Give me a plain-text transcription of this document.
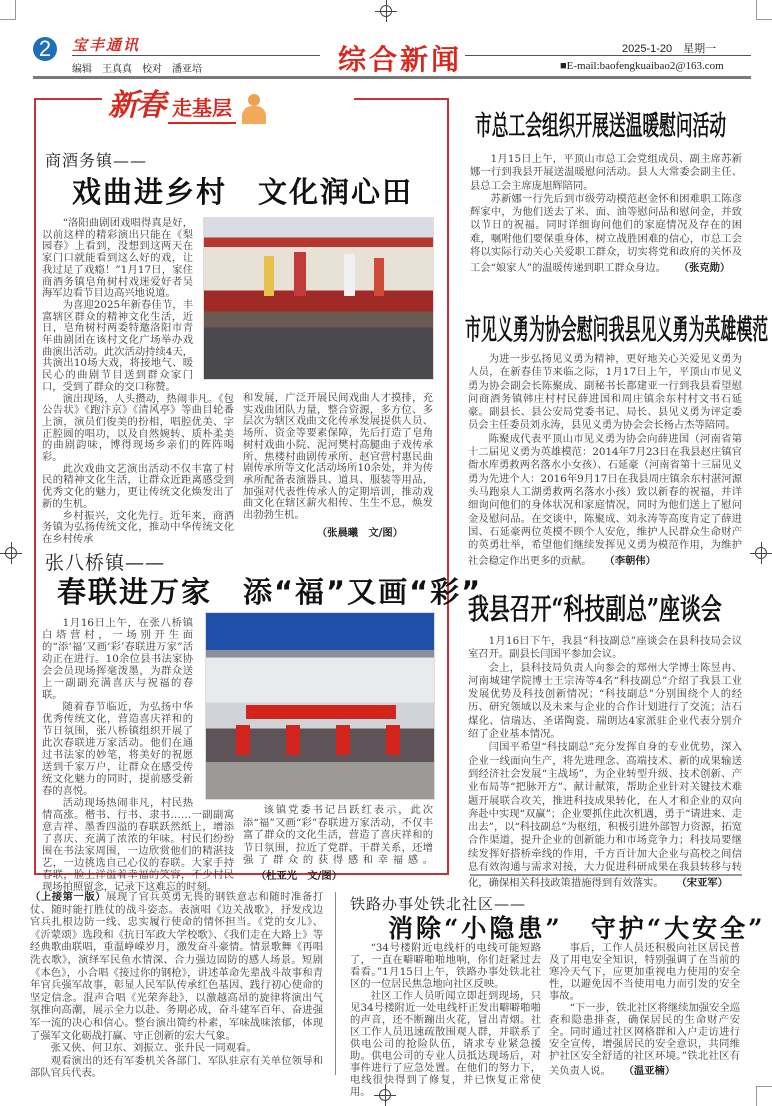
2	宝丰通讯
编辑　王真真　校对　潘亚培	综合新闻	2025-1-20　星期一
■E-mail:baofengkuaibao2@163.com
新春 走基层
商酒务镇——
戏曲进乡村　文化润心田

“洛阳曲剧团戏唱得真是好，以前这样的精彩演出只能在《梨园春》上看到，没想到这两天在家门口就能看到这么好的戏，让我过足了戏瘾！”1月17日，家住商酒务镇皂角树村戏迷爱好者吴海军边看节目边高兴地说道。

为喜迎2025年新春佳节，丰富辖区群众的精神文化生活，近日，皂角树村两委特邀洛阳市青年曲剧团在该村文化广场举办戏曲演出活动。此次活动持续4天，共演出10场大戏，将接地气、暖民心的曲剧节目送到群众家门口，受到了群众的交口称赞。

演出现场，人头攒动，热闹非凡。《包公告状》《跑汴京》《清风亭》等曲目轮番上演，演员们俊美的扮相，唱腔优美、字正腔圆的唱功，以及自然婉转、质朴柔美的曲剧韵味，博得现场乡亲们的阵阵喝彩。

此次戏曲文艺演出活动不仅丰富了村民的精神文化生活，让群众近距离感受到优秀文化的魅力，更让传统文化焕发出了新的生机。

乡村振兴，文化先行。近年来，商酒务镇为弘扬传统文化，推动中华传统文化在乡村传承

和发展，广泛开展民间戏曲人才摸排，充实戏曲团队力量，整合资源，多方位、多层次为辖区戏曲文化传承发展提供人员、场所、资金等要素保障，先后打造了皂角树村戏曲小院、泥河樊村高腿曲子戏传承所、焦楼村曲剧传承所、赵官营村惠民曲剧传承所等文化活动场所10余处，并为传承所配备表演器具、道具、服装等用品，加强对代表性传承人的定期培训，推动戏曲文化在辖区薪火相传、生生不息，焕发出勃勃生机。

（张晨曦　文/图）
张八桥镇——
春联进万家　添“福”又画“彩”

1月16日上午，在张八桥镇白塔营村，一场别开生面的“添‘福’又画‘彩’春联进万家”活动正在进行。10余位县书法家协会会员现场挥毫泼墨，为群众送上一副副充满喜庆与祝福的春联。

随着春节临近，为弘扬中华优秀传统文化，营造喜庆祥和的节日氛围，张八桥镇组织开展了此次春联进万家活动。他们在通过书法家的妙笔，将美好的祝愿送到千家万户，让群众在感受传统文化魅力的同时，提前感受新春的喜悦。

活动现场热闹非凡，村民热情高涨。楷书、行书、隶书……一副副寓意吉祥、墨香四溢的春联跃然纸上，增添了喜庆、充满了浓浓的年味。村民们纷纷围在书法家周围，一边欣赏他们的精湛技艺，一边挑选自己心仪的春联。大家手持春联，脸上洋溢着幸福的笑容，不少村民现场拍照留念，记录下这难忘的时刻。

该镇党委书记吕跃红表示，此次添“福”又画“彩”春联进万家活动，不仅丰富了群众的文化生活，营造了喜庆祥和的节日氛围，拉近了党群、干群关系，还增强了群众的获得感和幸福感。（杜亚光　文/图）

市总工会组织开展送温暖慰问活动

1月15日上午，平顶山市总工会党组成员、副主席苏新娜一行到我县开展送温暖慰问活动。县人大常委会副主任、县总工会主席庞旭辉陪同。

苏新娜一行先后到市级劳动模范赵金怀和困难职工陈彦辉家中，为他们送去了米、面、油等慰问品和慰问金，并致以节日的祝福。同时详细询问他们的家庭情况及存在的困难，嘱咐他们要保重身体，树立战胜困难的信心，市总工会将以实际行动关心关爱职工群众，切实将党和政府的关怀及工会“娘家人”的温暖传递到职工群众身边。 （张克勋）

市见义勇为协会慰问我县见义勇为英雄模范

为进一步弘扬见义勇为精神，更好地关心关爱见义勇为人员，在新春佳节来临之际，1月17日上午，平顶山市见义勇为协会副会长陈聚成、副秘书长都建亚一行到我县看望慰问商酒务镇韩庄村村民薛进国和周庄镇余东村村文书石延豪。副县长、县公安局党委书记、局长、县见义勇为评定委员会主任委员刘永涛，县见义勇为协会会长杨占杰等陪同。

陈聚成代表平顶山市见义勇为协会向薛进国（河南省第十二届见义勇为英雄模范：2014年7月23日在我县赵庄镇官衙水库勇救两名落水小女孩）、石延豪（河南省第十三届见义勇为先进个人：2016年9月17日在我县周庄镇余东村湛河源头马跑泉人工湖勇救两名落水小孩）致以新春的祝福，并详细询问他们的身体状况和家庭情况，同时为他们送上了慰问金及慰问品。在交谈中，陈聚成、刘永涛等高度肯定了薛进国、石延豪两位英模不顾个人安危，维护人民群众生命财产的英勇壮举，希望他们继续发挥见义勇为模范作用，为维护社会稳定作出更多的贡献。 （李朝伟）

我县召开“科技副总”座谈会

1月16日下午，我县“科技副总”座谈会在县科技局会议室召开。副县长闫国平参加会议。

会上，县科技局负责人向参会的郑州大学博士陈昱冉、河南城建学院博士王宗涛等4名“科技副总”介绍了我县工业发展优势及科技创新情况；“科技副总”分别围绕个人的经历、研究领域以及未来与企业的合作计划进行了交流；洁石煤化、信瑞达、圣诺陶瓷、瑞朗达4家派驻企业代表分别介绍了企业基本情况。

闫国平希望“科技副总”充分发挥自身的专业优势，深入企业一线面向生产，将先进理念、高端技术、新的成果输送到经济社会发展“主战场”，为企业转型升级、技术创新、产业布局等“把脉开方”、献计献策，帮助企业针对关键技术难题开展联合攻关，推进科技成果转化，在人才和企业的双向奔赴中实现“双赢”；企业要抓住此次机遇，勇于“请进来、走出去”，以“科技副总”为枢纽，积极引进外部智力资源，拓宽合作渠道，提升企业的创新能力和市场竞争力；科技局要继续发挥好搭桥牵线的作用，千方百计加大企业与高校之间信息有效沟通与需求对接，大力促进科研成果在我县转移与转化，确保相关科技政策措施得到有效落实。 （宋亚军）

（上接第一版）展现了官兵英勇无畏的钢铁意志和随时准备打仗、随时能打胜仗的战斗姿态。表演唱《边关战歌》，抒发戍边官兵扎根边防一线、忠实履行使命的情怀担当。《党的女儿》、《沂蒙颂》选段和《抗日军政大学校歌》、《我们走在大路上》等经典歌曲联唱，重温峥嵘岁月，激发奋斗豪情。情景歌舞《再唱洗衣歌》，演绎军民鱼水情深、合力强边固防的感人场景。短剧《本色》，小合唱《接过你的钢枪》，讲述革命先辈战斗故事和青年官兵强军故事，彰显人民军队传承红色基因、践行初心使命的坚定信念。混声合唱《光荣奔赴》，以激越高昂的旋律将演出气氛推向高潮，展示全力以赴、务期必成，奋斗建军百年、奋进强军一流的决心和信心。整台演出简约朴素，军味战味浓郁，体现了强军文化砺战打赢、守正创新的宏大气象。

张又侠、何卫东、刘振立、张升民一同观看。

观看演出的还有军委机关各部门、军队驻京有关单位领导和部队官兵代表。

铁路办事处铁北社区——
消除“小隐患”　守护“大安全”

“34号楼附近电线杆的电线可能短路了，一直在噼噼啪啪地响，你们赶紧过去看看。”1月15日上午，铁路办事处铁北社区的一位居民焦急地向社区反映。

社区工作人员听闻立即赶到现场，只见34号楼附近一处电线杆正发出噼噼啪啪的声音，还不断蹦出火花，冒出青烟。社区工作人员迅速疏散围观人群，并联系了供电公司的抢险队伍，请求专业紧急援助。供电公司的专业人员抵达现场后，对事件进行了应急处置。在他们的努力下，电线很快得到了修复，并已恢复正常使用。

事后，工作人员还积极向社区居民普及了用电安全知识，特别强调了在当前的寒冷天气下，应更加重视电力使用的安全性，以避免因不当使用电力而引发的安全事故。

“下一步，铁北社区将继续加强安全巡查和隐患排查，确保居民的生命财产安全。同时通过社区网格群和入户走访进行安全宣传，增强居民的安全意识，共同维护社区安全舒适的社区环境。”铁北社区有关负责人说。 （温亚楠）
